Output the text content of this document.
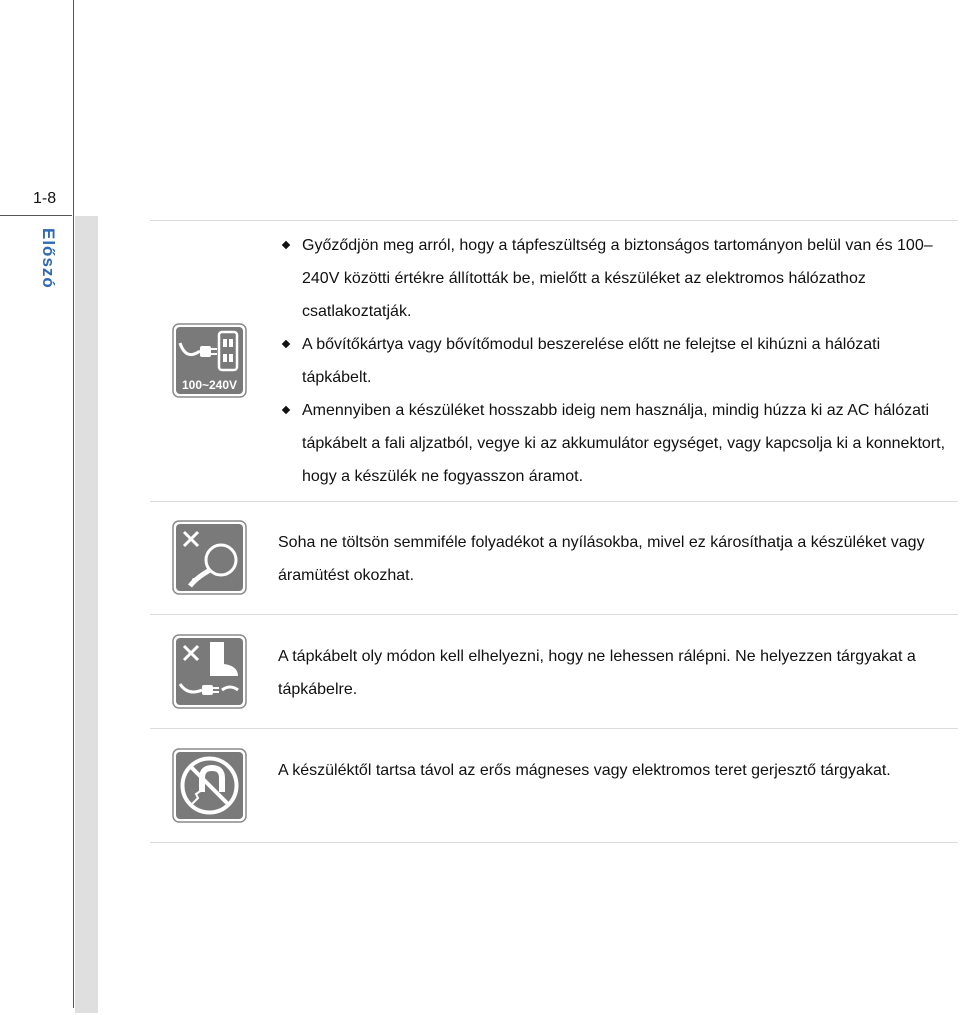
1-8
Előszó
100~240V
Győződjön meg arról, hogy a tápfeszültség a biztonságos tartományon belül van és 100–240V közötti értékre állították be, mielőtt a készüléket az elektromos hálózathoz csatlakoztatják.
A bővítőkártya vagy bővítőmodul beszerelése előtt ne felejtse el kihúzni a hálózati tápkábelt.
Amennyiben a készüléket hosszabb ideig nem használja, mindig húzza ki az AC hálózati tápkábelt a fali aljzatból, vegye ki az akkumulátor egységet, vagy kapcsolja ki a konnektort, hogy a készülék ne fogyasszon áramot.

Soha ne töltsön semmiféle folyadékot a nyílásokba, mivel ez károsíthatja a készüléket vagy áramütést okozhat.

A tápkábelt oly módon kell elhelyezni, hogy ne lehessen rálépni. Ne helyezzen tárgyakat a tápkábelre.

A készüléktől tartsa távol az erős mágneses vagy elektromos teret gerjesztő tárgyakat.
